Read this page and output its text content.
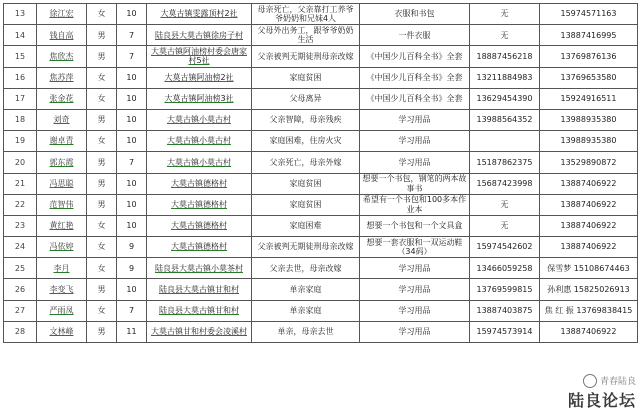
13	徐江宏	女	10	大莫古镇雯露顶村2社	母亲死亡，父亲靠打工养爷爷奶奶和兄妹4人	衣服和书包	无	15974571163
14	钱自高	男	7	陆良县大莫古镇徐房子村	父母外出务工，跟爷爷奶奶生活	一件衣服	无	13887416995
15	焦欣杰	男	7	大莫古镇阿油榜村委会唐家村5社	父亲被判无期徒刑母亲改嫁	《中国少儿百科全书》全套	18887456218	13769876136
16	焦苏萍	女	10	大莫古镇阿油榜2社	家庭贫困	《中国少儿百科全书》全套	13211884983	13769653580
17	张金花	女	10	大莫古镇阿油榜3社	父母离异	《中国少儿百科全书》全套	13629454390	15924916511
18	刘奇	男	10	大莫古镇小莫古村	父亲智障，母亲残疾	学习用品	13988564352	13988935380
19	谢卓青	女	10	大莫古镇小莫古村	家庭困难，住房火灾	学习用品		13988935380
20	郭东霞	男	7	大莫古镇小莫古村	父亲死亡，母亲外嫁	学习用品	15187862375	13529890872
21	冯思聪	男	10	大莫古镇德格村	家庭贫困	想要一个书包，钢笔的两本故事书	15687423998	13887406922
22	范智伟	男	10	大莫古镇德格村	家庭贫困	希望有一个书包和100多本作业本	无	13887406922
23	黄红艳	女	10	大莫古镇德格村	家庭困难	想要一个书包和一个文具盒	无	13887406922
24	冯依婷	女	9	大莫古镇德格村	父亲被判无期徒刑母亲改嫁	想要一套衣服和一双运动鞋（34码）	15974542602	13887406922
25	李月	女	9	陆良县大莫古镇小莫茶村	父亲去世，母亲改嫁	学习用品	13466059258	保雪梦 15108674463
26	李变飞	男	10	陆良县大莫古镇甘和村	单亲家庭	学习用品	13769599815	孙利惠 15825026913
27	严雨凤	女	7	陆良县大莫古镇甘和村	单亲家庭	学习用品	13887403875	焦 红 振 13769838415
28	文林峰	男	11	大莫古镇甘和村委会凌溪村	单亲，母亲去世	学习用品	15974573914	13887406922
青春陆良
陆良论坛
